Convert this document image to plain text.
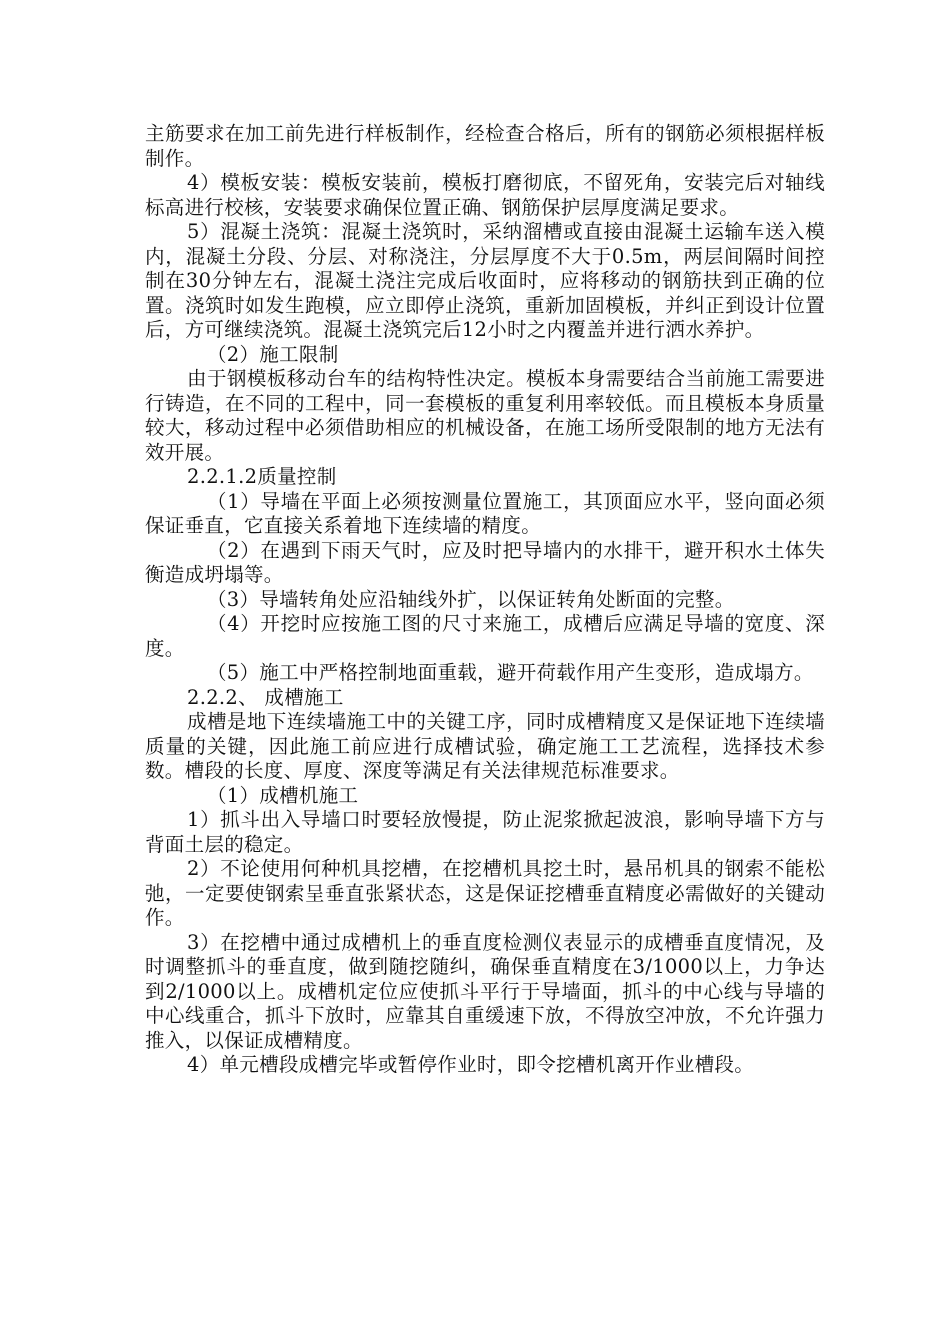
主筋要求在加工前先进行样板制作，经检查合格后，所有的钢筋必须根据样板制作。

4）模板安装：模板安装前，模板打磨彻底，不留死角，安装完后对轴线标高进行校核，安装要求确保位置正确、钢筋保护层厚度满足要求。

5）混凝土浇筑：混凝土浇筑时，采纳溜槽或直接由混凝土运输车送入模内，混凝土分段、分层、对称浇注，分层厚度不大于0.5m，两层间隔时间控制在30分钟左右，混凝土浇注完成后收面时，应将移动的钢筋扶到正确的位置。浇筑时如发生跑模，应立即停止浇筑，重新加固模板，并纠正到设计位置后，方可继续浇筑。混凝土浇筑完后12小时之内覆盖并进行洒水养护。

（2）施工限制

由于钢模板移动台车的结构特性决定。模板本身需要结合当前施工需要进行铸造，在不同的工程中，同一套模板的重复利用率较低。而且模板本身质量较大，移动过程中必须借助相应的机械设备，在施工场所受限制的地方无法有效开展。

2.2.1.2质量控制

（1）导墙在平面上必须按测量位置施工，其顶面应水平，竖向面必须保证垂直，它直接关系着地下连续墙的精度。

（2）在遇到下雨天气时，应及时把导墙内的水排干，避开积水土体失衡造成坍塌等。

（3）导墙转角处应沿轴线外扩，以保证转角处断面的完整。

（4）开挖时应按施工图的尺寸来施工，成槽后应满足导墙的宽度、深度。

（5）施工中严格控制地面重载，避开荷载作用产生变形，造成塌方。

2.2.2、 成槽施工

成槽是地下连续墙施工中的关键工序，同时成槽精度又是保证地下连续墙质量的关键，因此施工前应进行成槽试验，确定施工工艺流程，选择技术参数。槽段的长度、厚度、深度等满足有关法律规范标准要求。

（1）成槽机施工

1）抓斗出入导墙口时要轻放慢提，防止泥浆掀起波浪，影响导墙下方与背面土层的稳定。

2）不论使用何种机具挖槽，在挖槽机具挖土时，悬吊机具的钢索不能松弛，一定要使钢索呈垂直张紧状态，这是保证挖槽垂直精度必需做好的关键动作。

3）在挖槽中通过成槽机上的垂直度检测仪表显示的成槽垂直度情况，及时调整抓斗的垂直度，做到随挖随纠，确保垂直精度在3/1000以上，力争达到2/1000以上。成槽机定位应使抓斗平行于导墙面，抓斗的中心线与导墙的中心线重合，抓斗下放时，应靠其自重缓速下放，不得放空冲放，不允许强力推入，以保证成槽精度。

4）单元槽段成槽完毕或暂停作业时，即令挖槽机离开作业槽段。
